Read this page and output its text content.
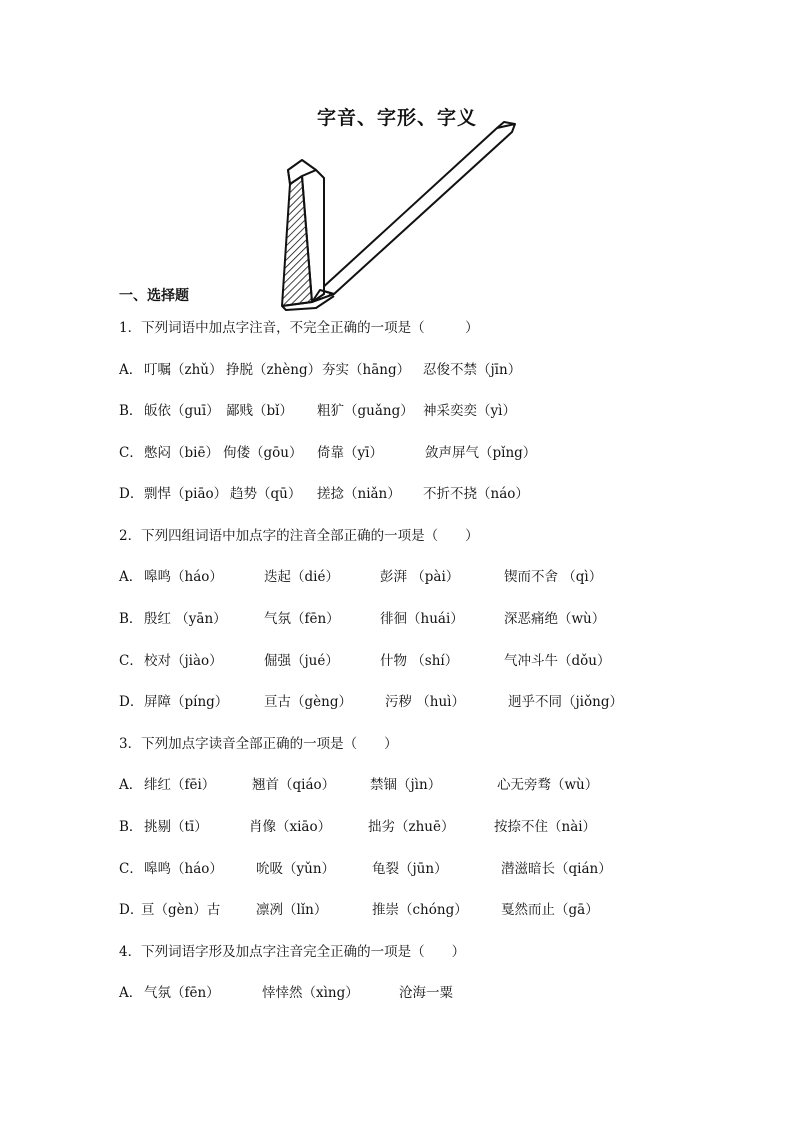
字音、字形、字义
一、选择题
1．下列词语中加点字注音，不完全正确的一项是（　　　）
A． 叮嘱（zhǔ） 挣脱（zhèng） 夯实（hāng） 忍俊不禁（jīn）
B． 皈依（guī） 鄙贱（bǐ） 粗犷（guǎng） 神采奕奕（yì）
C． 憋闷（biē） 佝偻（gōu） 倚靠（yī）	敛声屏气（pǐng）
D． 剽悍（piāo） 趋势（qū） 搓捻（niǎn） 不折不挠（náo）
2．下列四组词语中加点字的注音全部正确的一项是（　　）
A． 嗥鸣（háo）	迭起（dié）	彭湃 （pài）	锲而不舍 （qì）
B． 殷红 （yān）	气氛（fēn）	徘徊（huái）	深恶痛绝（wù）
C． 校对（jiào）	倔强（jué）	什物 （shí）	气冲斗牛（dǒu）
D． 屏障（píng）	亘古（gèng） 污秽 （huì）	迥乎不同（jiǒng）
3．下列加点字读音全部正确的一项是（　　）
A． 绯红（fēi）	翘首（qiáo）	禁锢（jìn）	心无旁骛（wù）
B． 挑剔（tī）	肖像（xiāo）	拙劣（zhuē）	按捺不住（nài）
C． 嗥鸣（háo） 吮吸（yǔn）	龟裂（jūn）	潜滋暗长（qián）
D．
亘（gèn）古	凛冽（lǐn）	推崇（chóng） 戛然而止（gā）
4．下列词语字形及加点字注音完全正确的一项是（　　）
A． 气氛（fēn）	悻悻然（xìng）	沧海一粟
